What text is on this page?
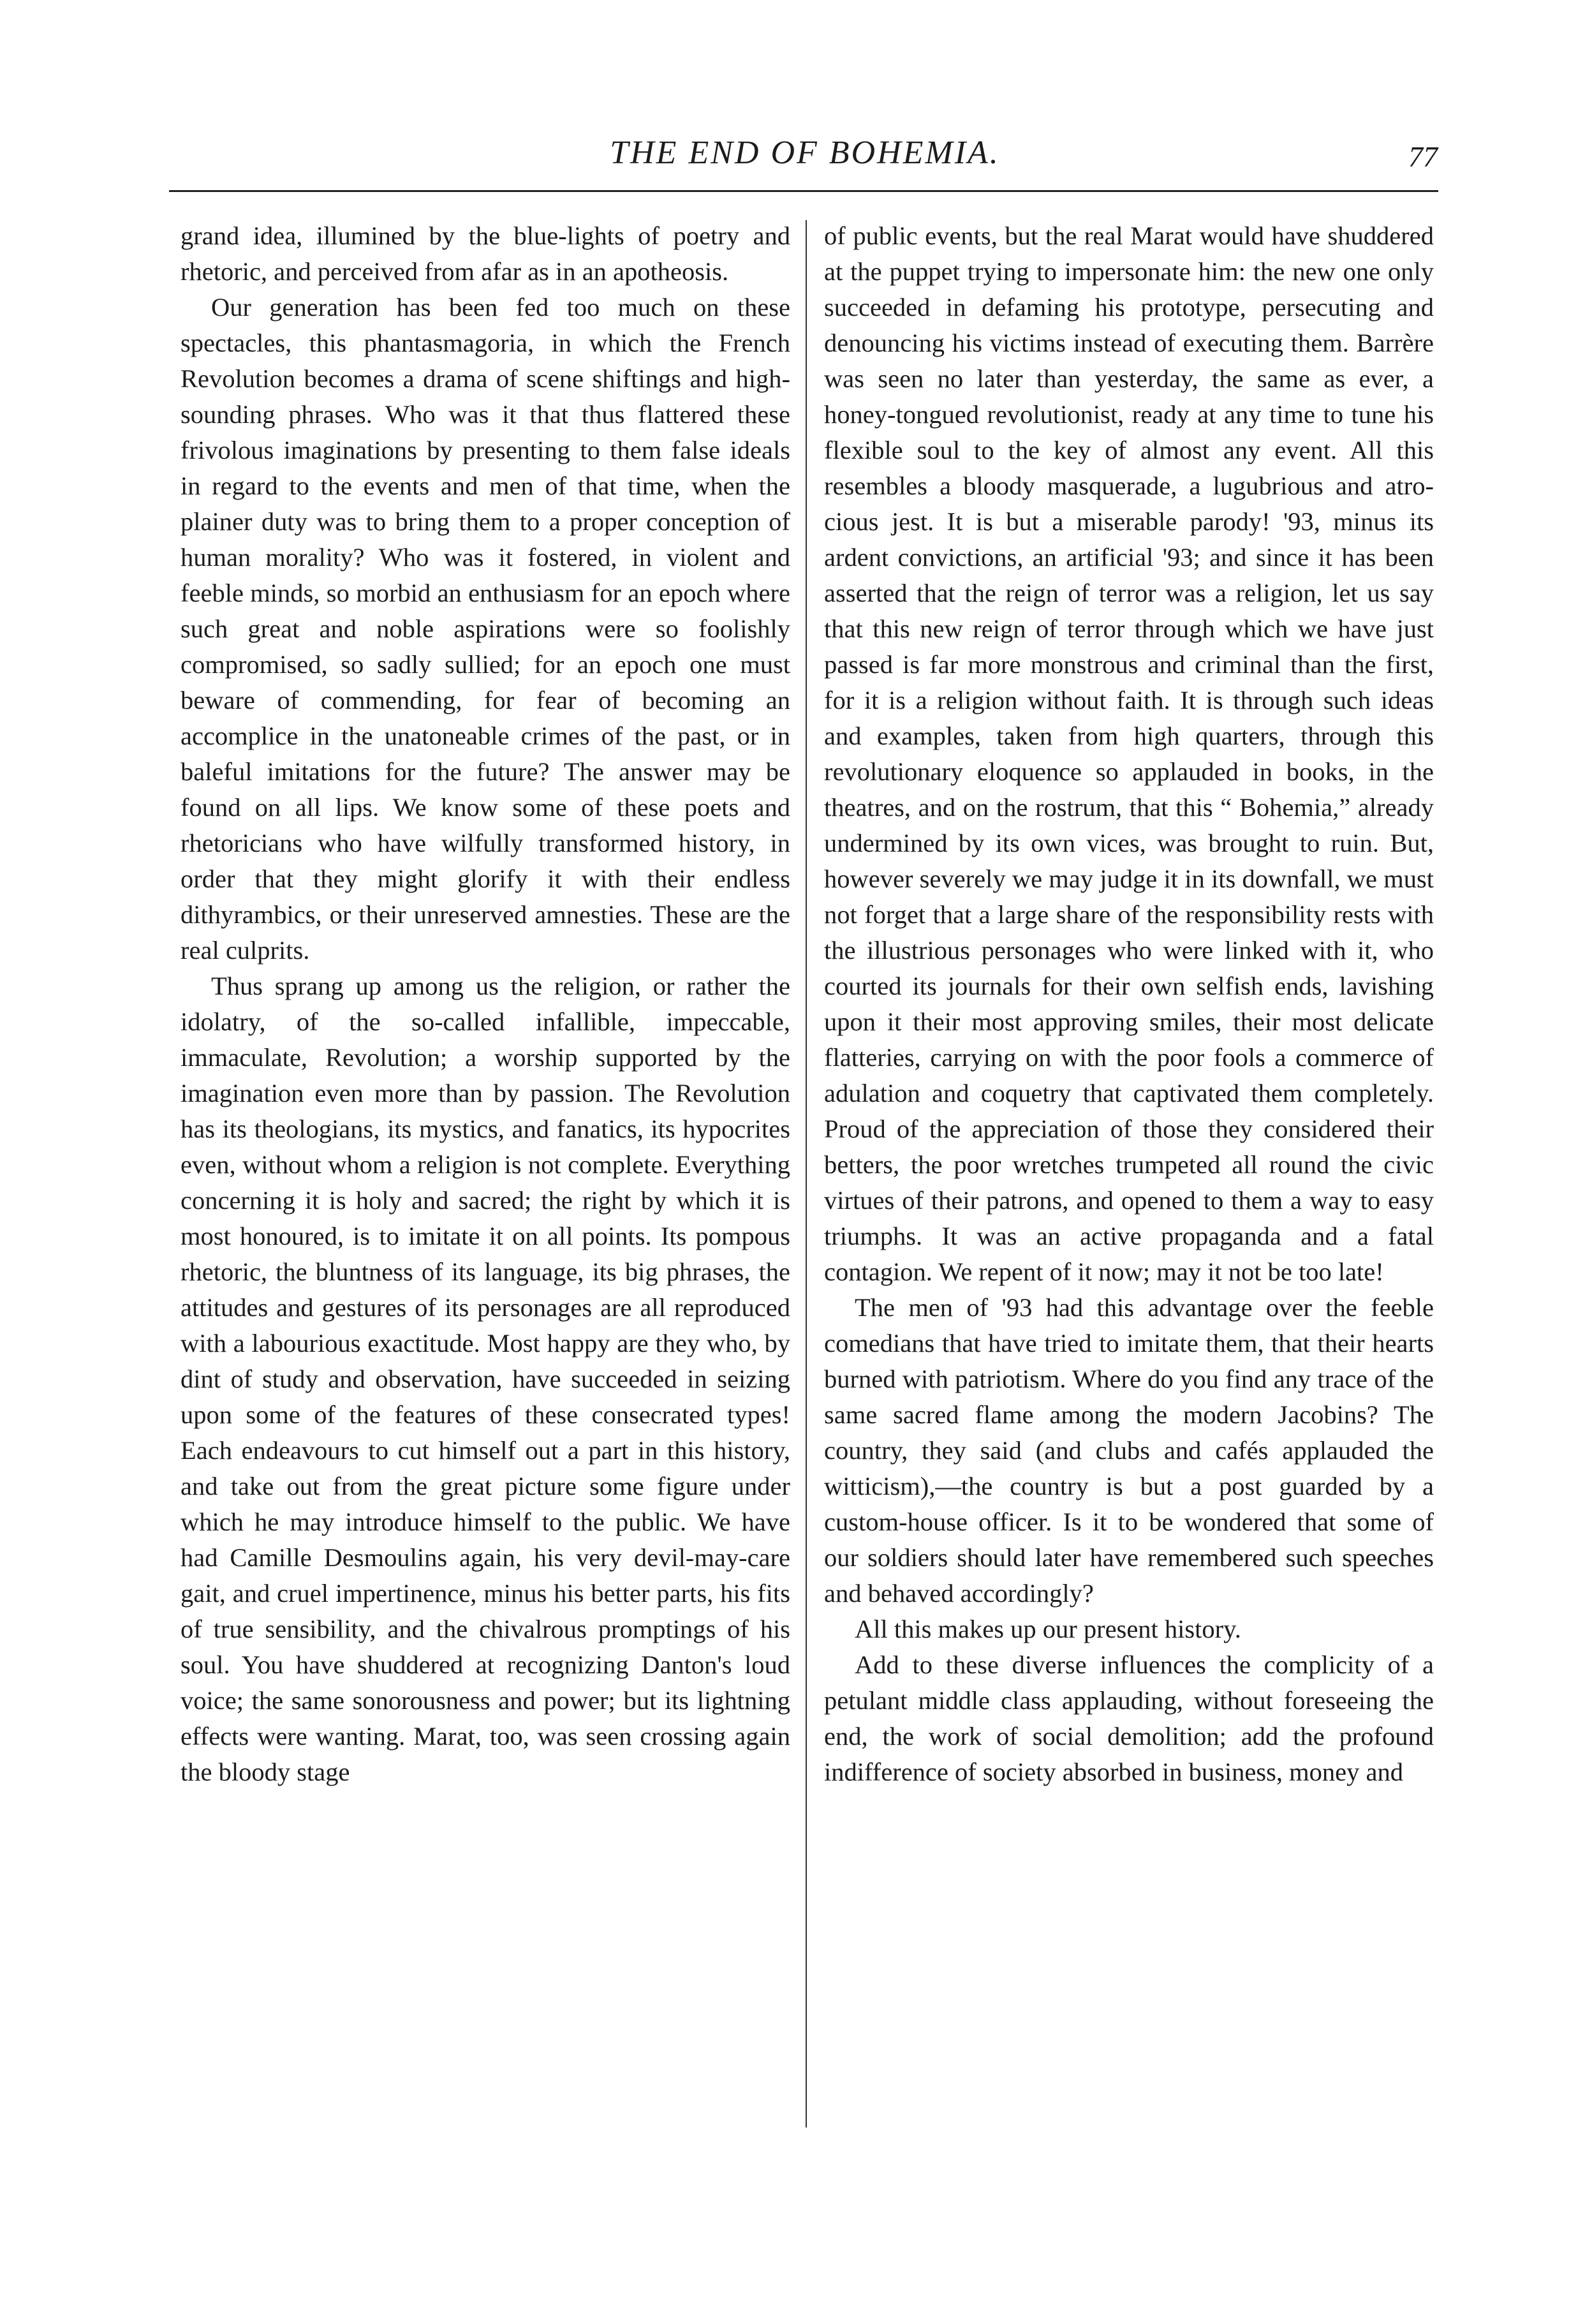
THE END OF BOHEMIA.	77

grand idea, illumined by the blue-lights of poetry and rhetoric, and perceived from afar as in an apotheosis.

Our generation has been fed too much on these spectacles, this phantasmagoria, in which the French Revolution becomes a drama of scene shiftings and high-sounding phrases. Who was it that thus flattered these frivolous imaginations by presenting to them false ideals in regard to the events and men of that time, when the plainer duty was to bring them to a proper conception of human morality? Who was it fostered, in violent and feeble minds, so morbid an enthusiasm for an epoch where such great and noble aspirations were so foolishly compromised, so sadly sullied; for an epoch one must beware of commending, for fear of becoming an accomplice in the unatoneable crimes of the past, or in baleful imitations for the future? The answer may be found on all lips. We know some of these poets and rhetoricians who have wilfully transformed history, in order that they might glorify it with their endless dithyrambics, or their unreserved amnesties. These are the real culprits.

Thus sprang up among us the religion, or rather the idolatry, of the so-called infallible, impeccable, immaculate, Revolution; a worship supported by the imagination even more than by passion. The Revolution has its theologians, its mystics, and fanatics, its hypocrites even, without whom a religion is not complete. Everything concerning it is holy and sacred; the right by which it is most honoured, is to imitate it on all points. Its pompous rhetoric, the bluntness of its language, its big phrases, the attitudes and gestures of its personages are all reproduced with a labourious exactitude. Most happy are they who, by dint of study and observation, have succeeded in seizing upon some of the features of these consecrated types! Each endeavours to cut himself out a part in this history, and take out from the great picture some figure under which he may introduce himself to the public. We have had Camille Desmoulins again, his very devil-may-care gait, and cruel impertinence, minus his better parts, his fits of true sensibility, and the chivalrous promptings of his soul. You have shuddered at recognizing Danton's loud voice; the same sonorousness and power; but its lightning effects were wanting. Marat, too, was seen crossing again the bloody stage

of public events, but the real Marat would have shuddered at the puppet trying to impersonate him: the new one only succeeded in defaming his prototype, persecuting and denouncing his victims instead of executing them. Barrère was seen no later than yesterday, the same as ever, a honey-tongued revolutionist, ready at any time to tune his flexible soul to the key of almost any event. All this resembles a bloody masquerade, a lugubrious and atrocious jest. It is but a miserable parody! '93, minus its ardent convictions, an artificial '93; and since it has been asserted that the reign of terror was a religion, let us say that this new reign of terror through which we have just passed is far more monstrous and criminal than the first, for it is a religion without faith. It is through such ideas and examples, taken from high quarters, through this revolutionary eloquence so applauded in books, in the theatres, and on the rostrum, that this “ Bohemia,” already undermined by its own vices, was brought to ruin. But, however severely we may judge it in its downfall, we must not forget that a large share of the responsibility rests with the illustrious personages who were linked with it, who courted its journals for their own selfish ends, lavishing upon it their most approving smiles, their most delicate flatteries, carrying on with the poor fools a commerce of adulation and coquetry that captivated them completely. Proud of the appreciation of those they considered their betters, the poor wretches trumpeted all round the civic virtues of their patrons, and opened to them a way to easy triumphs. It was an active propaganda and a fatal contagion. We repent of it now; may it not be too late!

The men of '93 had this advantage over the feeble comedians that have tried to imitate them, that their hearts burned with patriotism. Where do you find any trace of the same sacred flame among the modern Jacobins? The country, they said (and clubs and cafés applauded the witticism),—the country is but a post guarded by a custom-house officer. Is it to be wondered that some of our soldiers should later have remembered such speeches and behaved accordingly?

All this makes up our present history.

Add to these diverse influences the complicity of a petulant middle class applauding, without foreseeing the end, the work of social demolition; add the profound indifference of society absorbed in business, money and
